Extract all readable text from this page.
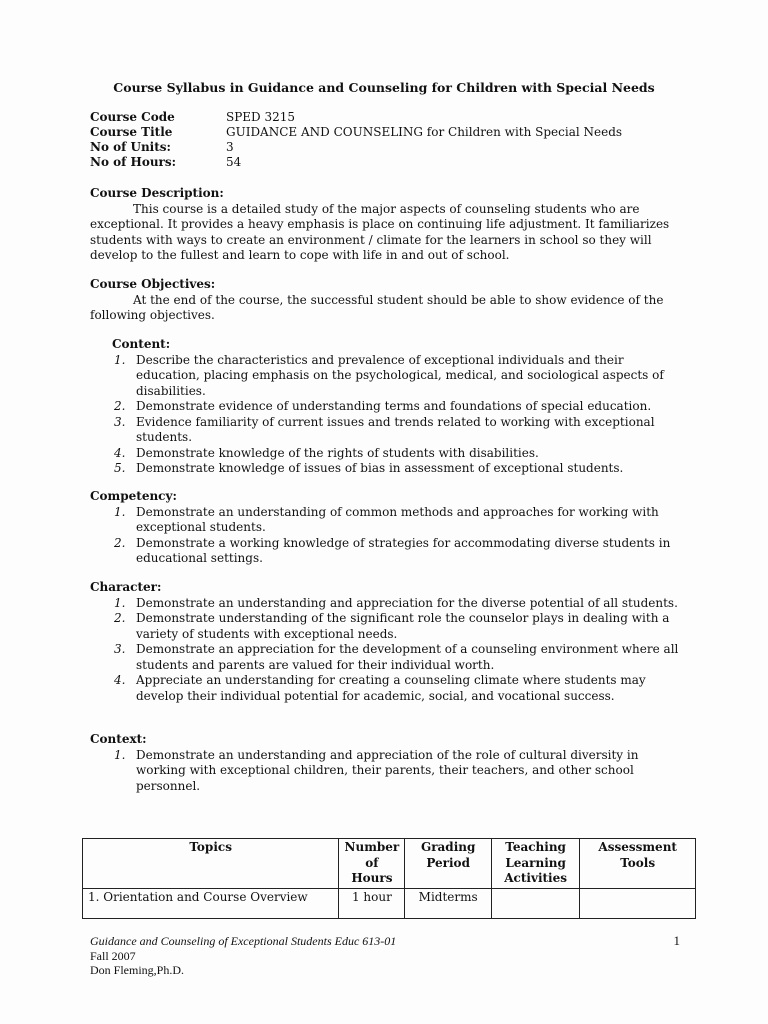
Course Syllabus in Guidance and Counseling for Children with Special Needs
Course Code	SPED 3215
Course Title	GUIDANCE AND COUNSELING for Children with Special Needs
No of Units:	3
No of Hours:	54
Course Description:

This course is a detailed study of the major aspects of counseling students who are exceptional. It provides a heavy emphasis is place on continuing life adjustment. It familiarizes students with ways to create an environment / climate for the learners in school so they will develop to the fullest and learn to cope with life in and out of school.

Course Objectives:

At the end of the course, the successful student should be able to show evidence of the following objectives.

Content:
1. Describe the characteristics and prevalence of exceptional individuals and their education, placing emphasis on the psychological, medical, and sociological aspects of disabilities.
2. Demonstrate evidence of understanding terms and foundations of special education.
3. Evidence familiarity of current issues and trends related to working with exceptional students.
4. Demonstrate knowledge of the rights of students with disabilities.
5. Demonstrate knowledge of issues of bias in assessment of exceptional students.
Competency:
1. Demonstrate an understanding of common methods and approaches for working with exceptional students.
2. Demonstrate a working knowledge of strategies for accommodating diverse students in educational settings.
Character:
1. Demonstrate an understanding and appreciation for the diverse potential of all students.
2. Demonstrate understanding of the significant role the counselor plays in dealing with a variety of students with exceptional needs.
3. Demonstrate an appreciation for the development of a counseling environment where all students and parents are valued for their individual worth.
4. Appreciate an understanding for creating a counseling climate where students may develop their individual potential for academic, social, and vocational success.
Context:
1. Demonstrate an understanding and appreciation of the role of cultural diversity in working with exceptional children, their parents, their teachers, and other school personnel.
Topics	Number of Hours	Grading Period	Teaching Learning Activities	Assessment Tools
1. Orientation and Course Overview	1 hour	Midterms		
Guidance and Counseling of Exceptional Students Educ 613-01
Fall 2007
Don Fleming,Ph.D.
1
